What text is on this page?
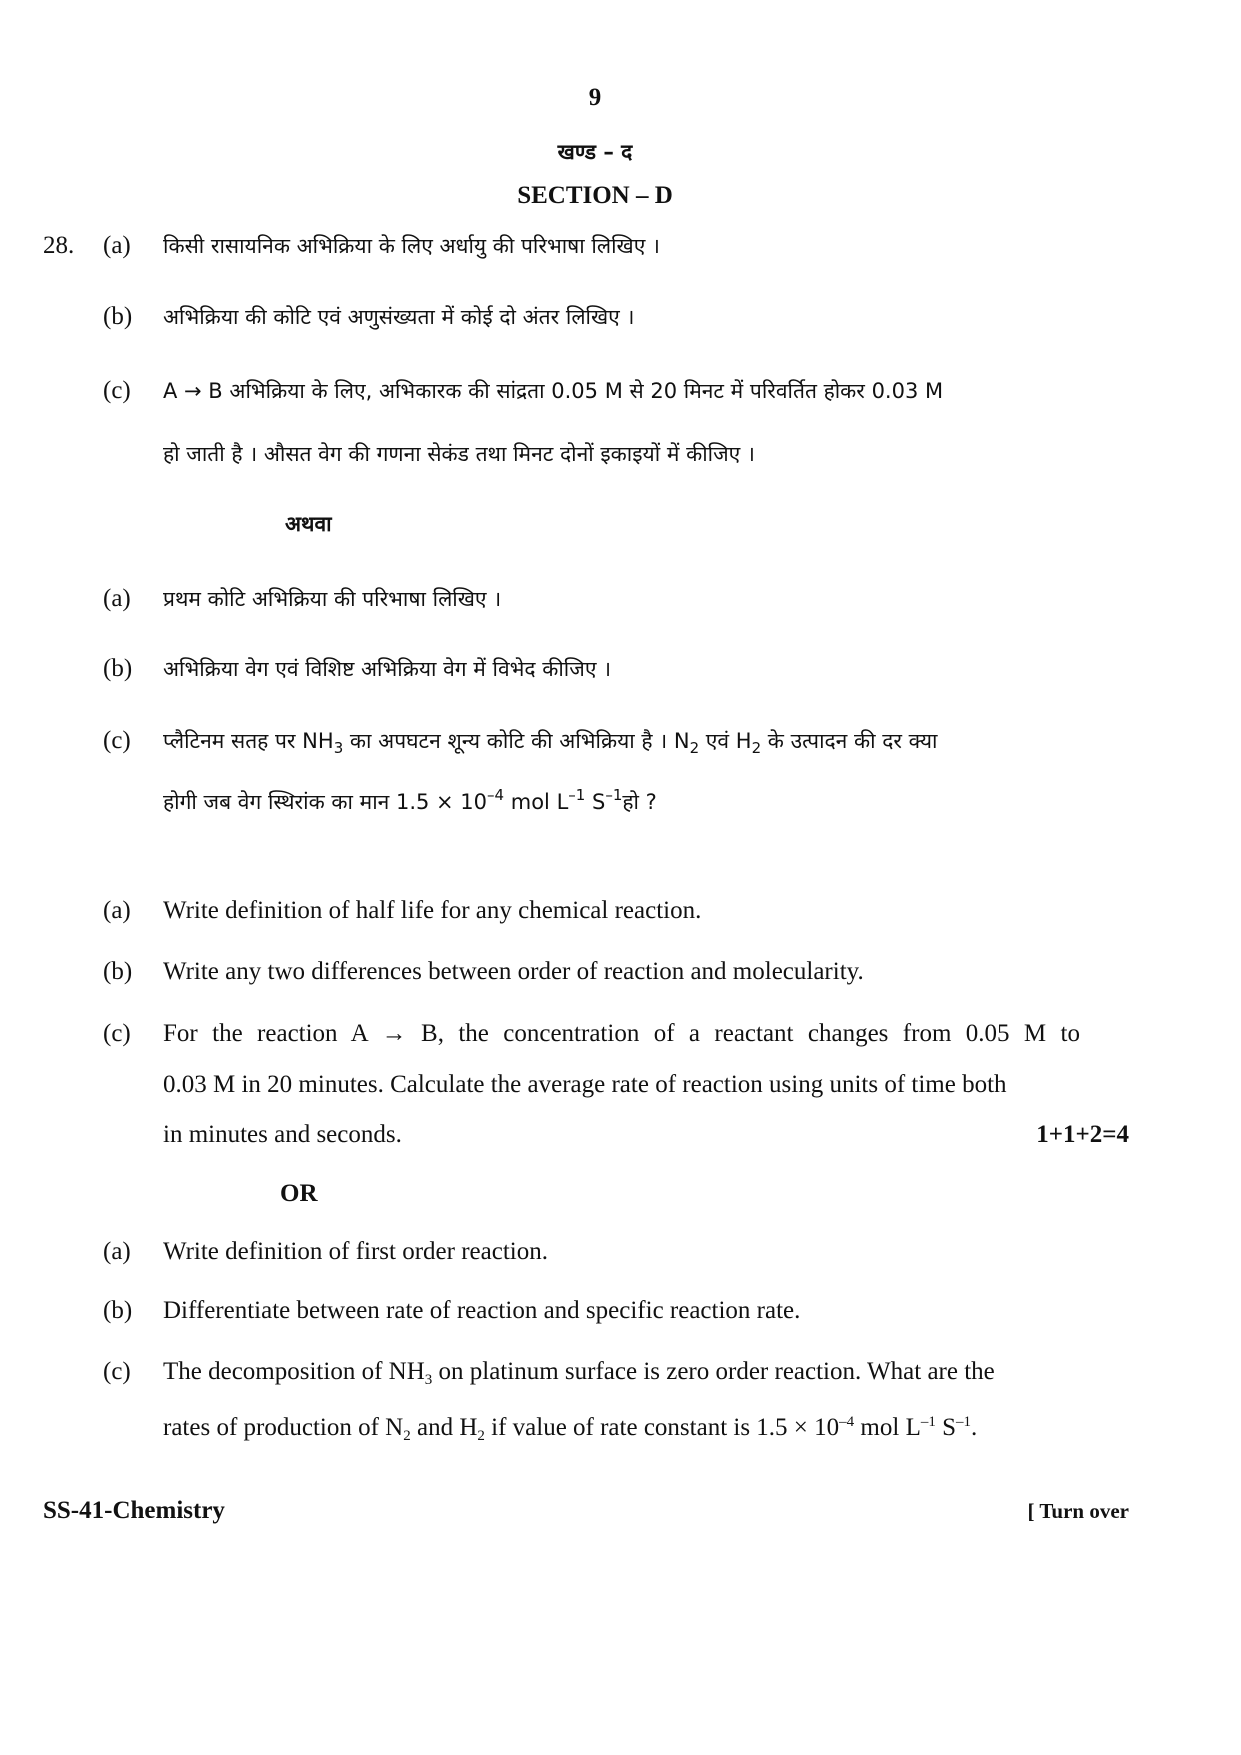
9
खण्ड – द
SECTION – D
28. (a) किसी रासायनिक अभिक्रिया के लिए अर्धायु की परिभाषा लिखिए ।
(b) अभिक्रिया की कोटि एवं अणुसंख्यता में कोई दो अंतर लिखिए ।
(c) A → B अभिक्रिया के लिए, अभिकारक की सांद्रता 0.05 M से 20 मिनट में परिवर्तित होकर 0.03 M
हो जाती है । औसत वेग की गणना सेकंड तथा मिनट दोनों इकाइयों में कीजिए ।
अथवा
(a) प्रथम कोटि अभिक्रिया की परिभाषा लिखिए ।
(b) अभिक्रिया वेग एवं विशिष्ट अभिक्रिया वेग में विभेद कीजिए ।
(c) प्लैटिनम सतह पर $NH_3$ का अपघटन शून्य कोटि की अभिक्रिया है । $N_2$ एवं $H_2$ के उत्पादन की दर क्या
होगी जब वेग स्थिरांक का मान $1.5 \times 10^{-4}$ mol $L^{-1}$ $S^{-1}हो$ ?
(a) Write definition of half life for any chemical reaction.
(b) Write any two differences between order of reaction and molecularity.
(c) For the reaction A → B, the concentration of a reactant changes from 0.05 M to
0.03 M in 20 minutes. Calculate the average rate of reaction using units of time both
in minutes and seconds.	1+1+2=4
OR
(a) Write definition of first order reaction.
(b) Differentiate between rate of reaction and specific reaction rate.
(c) The decomposition of $NH_3$ on platinum surface is zero order reaction. What are the
rates of production of $N_2$ and $H_2$ if value of rate constant is $1.5 \times 10^{-4}$ mol $L^{-1}$ $S^{-1}$.
SS-41-Chemistry	[ Turn over
